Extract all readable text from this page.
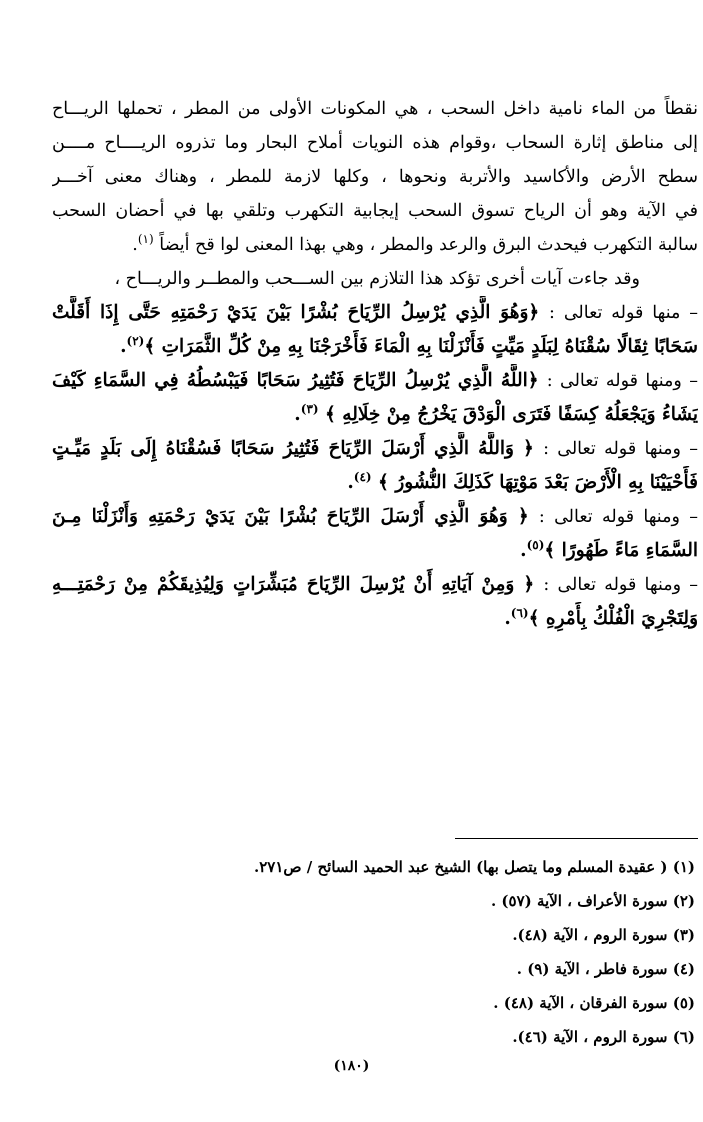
نقطاً من الماء نامية داخل السحب ، هي المكونات الأولى من المطر ، تحملها الريـــاح
إلى مناطق إثارة السحاب ،وقوام هذه النويات أملاح البحار وما تذروه الريــــاح مــــن
سطح الأرض والأكاسيد والأتربة ونحوها ، وكلها لازمة للمطر ، وهناك معنى آخـــر
في الآية وهو أن الرياح تسوق السحب إيجابية التكهرب وتلقي بها في أحضان السحب
سالبة التكهرب فيحدث البرق والرعد والمطر ، وهي بهذا المعنى لوا قح أيضاً $^{(١)}$.
وقد جاءت آيات أخرى تؤكد هذا التلازم بين الســـحب والمطــر والريـــاح ،
– منها قوله تعالى : ﴿وَهُوَ الَّذِي يُرْسِلُ الرِّيَاحَ بُشْرًا بَيْنَ يَدَيْ رَحْمَتِهِ حَتَّى إِذَا أَقَلَّتْ
سَحَابًا ثِقَالًا سُقْنَاهُ لِبَلَدٍ مَيِّتٍ فَأَنْزَلْنَا بِهِ الْمَاءَ فَأَخْرَجْنَا بِهِ مِنْ كُلِّ الثَّمَرَاتِ ﴾$^{(٢)}$.
– ومنها قوله تعالى : ﴿اللَّهُ الَّذِي يُرْسِلُ الرِّيَاحَ فَتُثِيرُ سَحَابًا فَيَبْسُطُهُ فِي السَّمَاءِ كَيْفَ
يَشَاءُ وَيَجْعَلُهُ كِسَفًا فَتَرَى الْوَدْقَ يَخْرُجُ مِنْ خِلَالِهِ ﴾ $^{(٣)}$.
– ومنها قوله تعالى : ﴿ وَاللَّهُ الَّذِي أَرْسَلَ الرِّيَاحَ فَتُثِيرُ سَحَابًا فَسُقْنَاهُ إِلَى بَلَدٍ مَيِّـتٍ
فَأَحْيَيْنَا بِهِ الْأَرْضَ بَعْدَ مَوْتِهَا كَذَلِكَ النُّشُورُ ﴾ $^{(٤)}$.
– ومنها قوله تعالى : ﴿ وَهُوَ الَّذِي أَرْسَلَ الرِّيَاحَ بُشْرًا بَيْنَ يَدَيْ رَحْمَتِهِ وَأَنْزَلْنَا مِـنَ
السَّمَاءِ مَاءً طَهُورًا ﴾$^{(٥)}$.
– ومنها قوله تعالى : ﴿ وَمِنْ آيَاتِهِ أَنْ يُرْسِلَ الرِّيَاحَ مُبَشِّرَاتٍ وَلِيُذِيقَكُمْ مِنْ رَحْمَتِـــهِ
وَلِتَجْرِيَ الْفُلْكُ بِأَمْرِهِ ﴾$^{(٦)}$.
(١) ( عقيدة المسلم وما يتصل بها) الشيخ عبد الحميد السائح / ص٢٧١.
(٢) سورة الأعراف ، الآية (٥٧) .
(٣) سورة الروم ، الآية (٤٨).
(٤) سورة فاطر ، الآية (٩) .
(٥) سورة الفرقان ، الآية (٤٨) .
(٦) سورة الروم ، الآية (٤٦).
(١٨٠)
